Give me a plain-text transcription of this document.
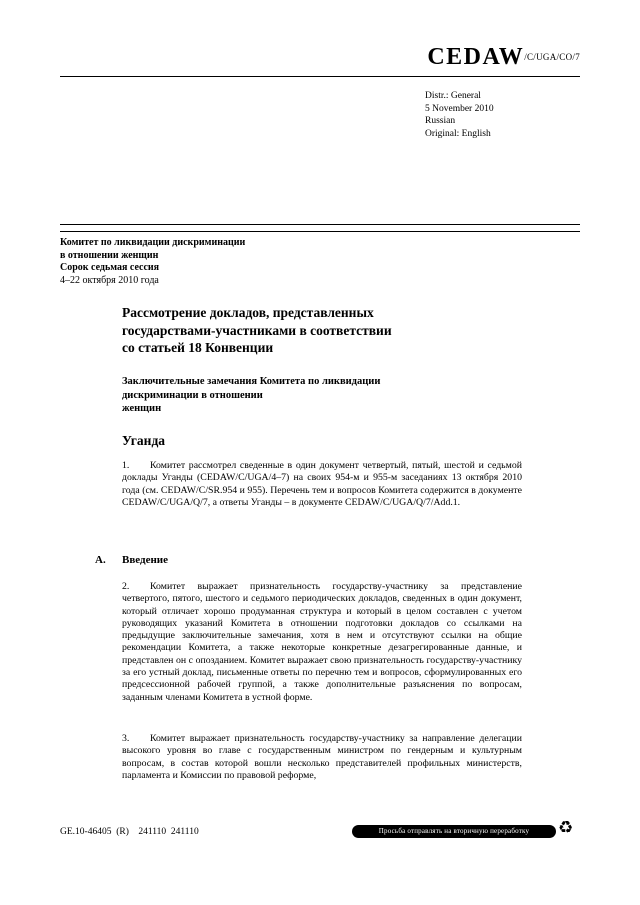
$CEDAW^{/C/UGA/CO/7}$
Distr.: General
5 November 2010
Russian
Original: English
Комитет по ликвидации дискриминации
в отношении женщин
Сорок седьмая сессия
4–22 октября 2010 года
Рассмотрение докладов, представленных
государствами-участниками в соответствии
со статьей 18 Конвенции
Заключительные замечания Комитета по ликвидации
дискриминации в отношении
женщин
Уганда
1. Комитет рассмотрел сведенные в один документ четвертый, пятый, шестой и седьмой доклады Уганды (CEDAW/C/UGA/4–7) на своих 954-м и 955-м заседаниях 13 октября 2010 года (см. CEDAW/C/SR.954 и 955). Перечень тем и вопросов Комитета содержится в документе CEDAW/C/UGA/Q/7, а ответы Уганды – в документе CEDAW/C/UGA/Q/7/Add.1.
A. Введение
2. Комитет выражает признательность государству-участнику за представление четвертого, пятого, шестого и седьмого периодических докладов, сведенных в один документ, который отличает хорошо продуманная структура и который в целом составлен с учетом руководящих указаний Комитета в отношении подготовки докладов со ссылками на предыдущие заключительные замечания, хотя в нем и отсутствуют ссылки на общие рекомендации Комитета, а также некоторые конкретные дезагрегированные данные, и представлен он с опозданием. Комитет выражает свою признательность государству-участнику за его устный доклад, письменные ответы по перечню тем и вопросов, сформулированных его предсессионной рабочей группой, а также дополнительные разъяснения по вопросам, заданным членами Комитета в устной форме.
3. Комитет выражает признательность государству-участнику за направление делегации высокого уровня во главе с государственным министром по гендерным и культурным вопросам, в состав которой вошли несколько представителей профильных министерств, парламента и Комиссии по правовой реформе,
GE.10-46405  (R)    241110  241110	Просьба отправлять на вторичную переработку	♻
